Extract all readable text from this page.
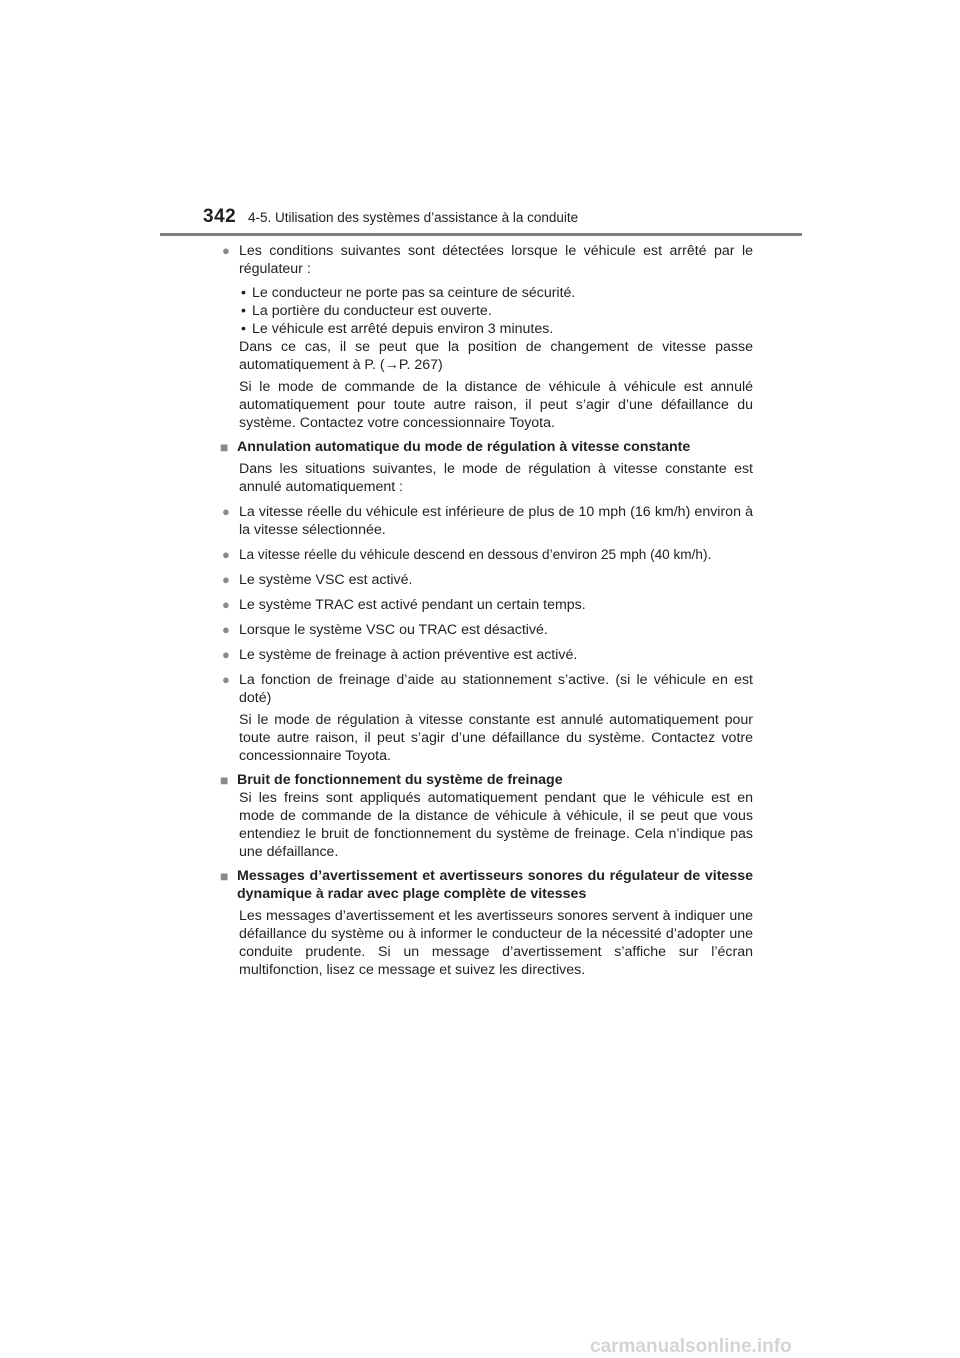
342 4-5. Utilisation des systèmes d’assistance à la conduite
● Les conditions suivantes sont détectées lorsque le véhicule est arrêté par le régulateur :
• Le conducteur ne porte pas sa ceinture de sécurité.
• La portière du conducteur est ouverte.
• Le véhicule est arrêté depuis environ 3 minutes.
Dans ce cas, il se peut que la position de changement de vitesse passe automatiquement à P. (→P. 267)
Si le mode de commande de la distance de véhicule à véhicule est annulé automatiquement pour toute autre raison, il peut s’agir d’une défaillance du système. Contactez votre concessionnaire Toyota.
■ Annulation automatique du mode de régulation à vitesse constante
Dans les situations suivantes, le mode de régulation à vitesse constante est annulé automatiquement :
● La vitesse réelle du véhicule est inférieure de plus de 10 mph (16 km/h) environ à la vitesse sélectionnée.
● La vitesse réelle du véhicule descend en dessous d’environ 25 mph (40 km/h).
● Le système VSC est activé.
● Le système TRAC est activé pendant un certain temps.
● Lorsque le système VSC ou TRAC est désactivé.
● Le système de freinage à action préventive est activé.
● La fonction de freinage d’aide au stationnement s’active. (si le véhicule en est doté)
Si le mode de régulation à vitesse constante est annulé automatiquement pour toute autre raison, il peut s’agir d’une défaillance du système. Contactez votre concessionnaire Toyota.
■ Bruit de fonctionnement du système de freinage
Si les freins sont appliqués automatiquement pendant que le véhicule est en mode de commande de la distance de véhicule à véhicule, il se peut que vous entendiez le bruit de fonctionnement du système de freinage. Cela n’indique pas une défaillance.
■ Messages d’avertissement et avertisseurs sonores du régulateur de vitesse dynamique à radar avec plage complète de vitesses
Les messages d’avertissement et les avertisseurs sonores servent à indiquer une défaillance du système ou à informer le conducteur de la nécessité d’adopter une conduite prudente. Si un message d’avertissement s’affiche sur l’écran multifonction, lisez ce message et suivez les directives.
carmanualsonline.info
